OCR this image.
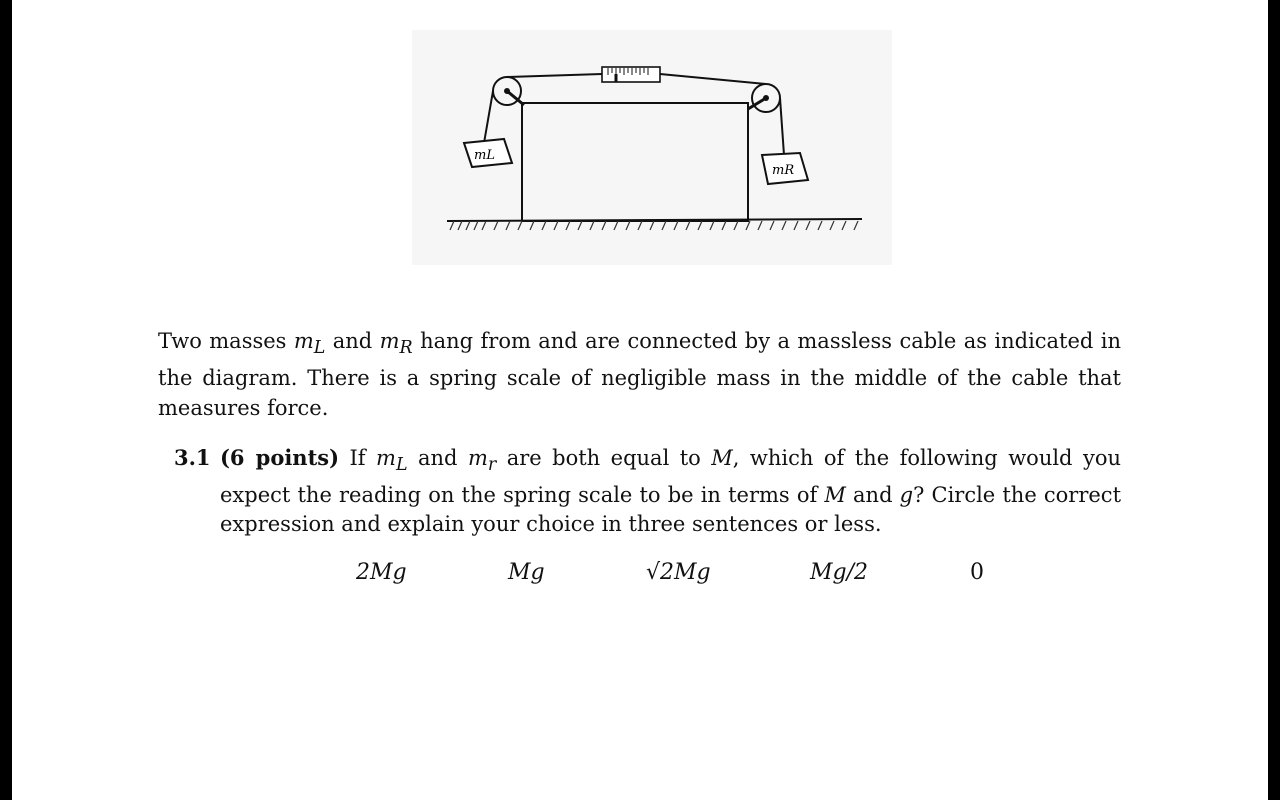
mL
mR
Two masses $m_L$ and $m_R$ hang from and are connected by a massless cable as indicated in the diagram. There is a spring scale of negligible mass in the middle of the cable that measures force.
3.1 (6 points) If $m_L$ and $m_r$ are both equal to M, which of the following would you expect the reading on the spring scale to be in terms of M and g? Circle the correct expression and explain your choice in three sentences or less.
2Mg	Mg	√2Mg	Mg/2	0
